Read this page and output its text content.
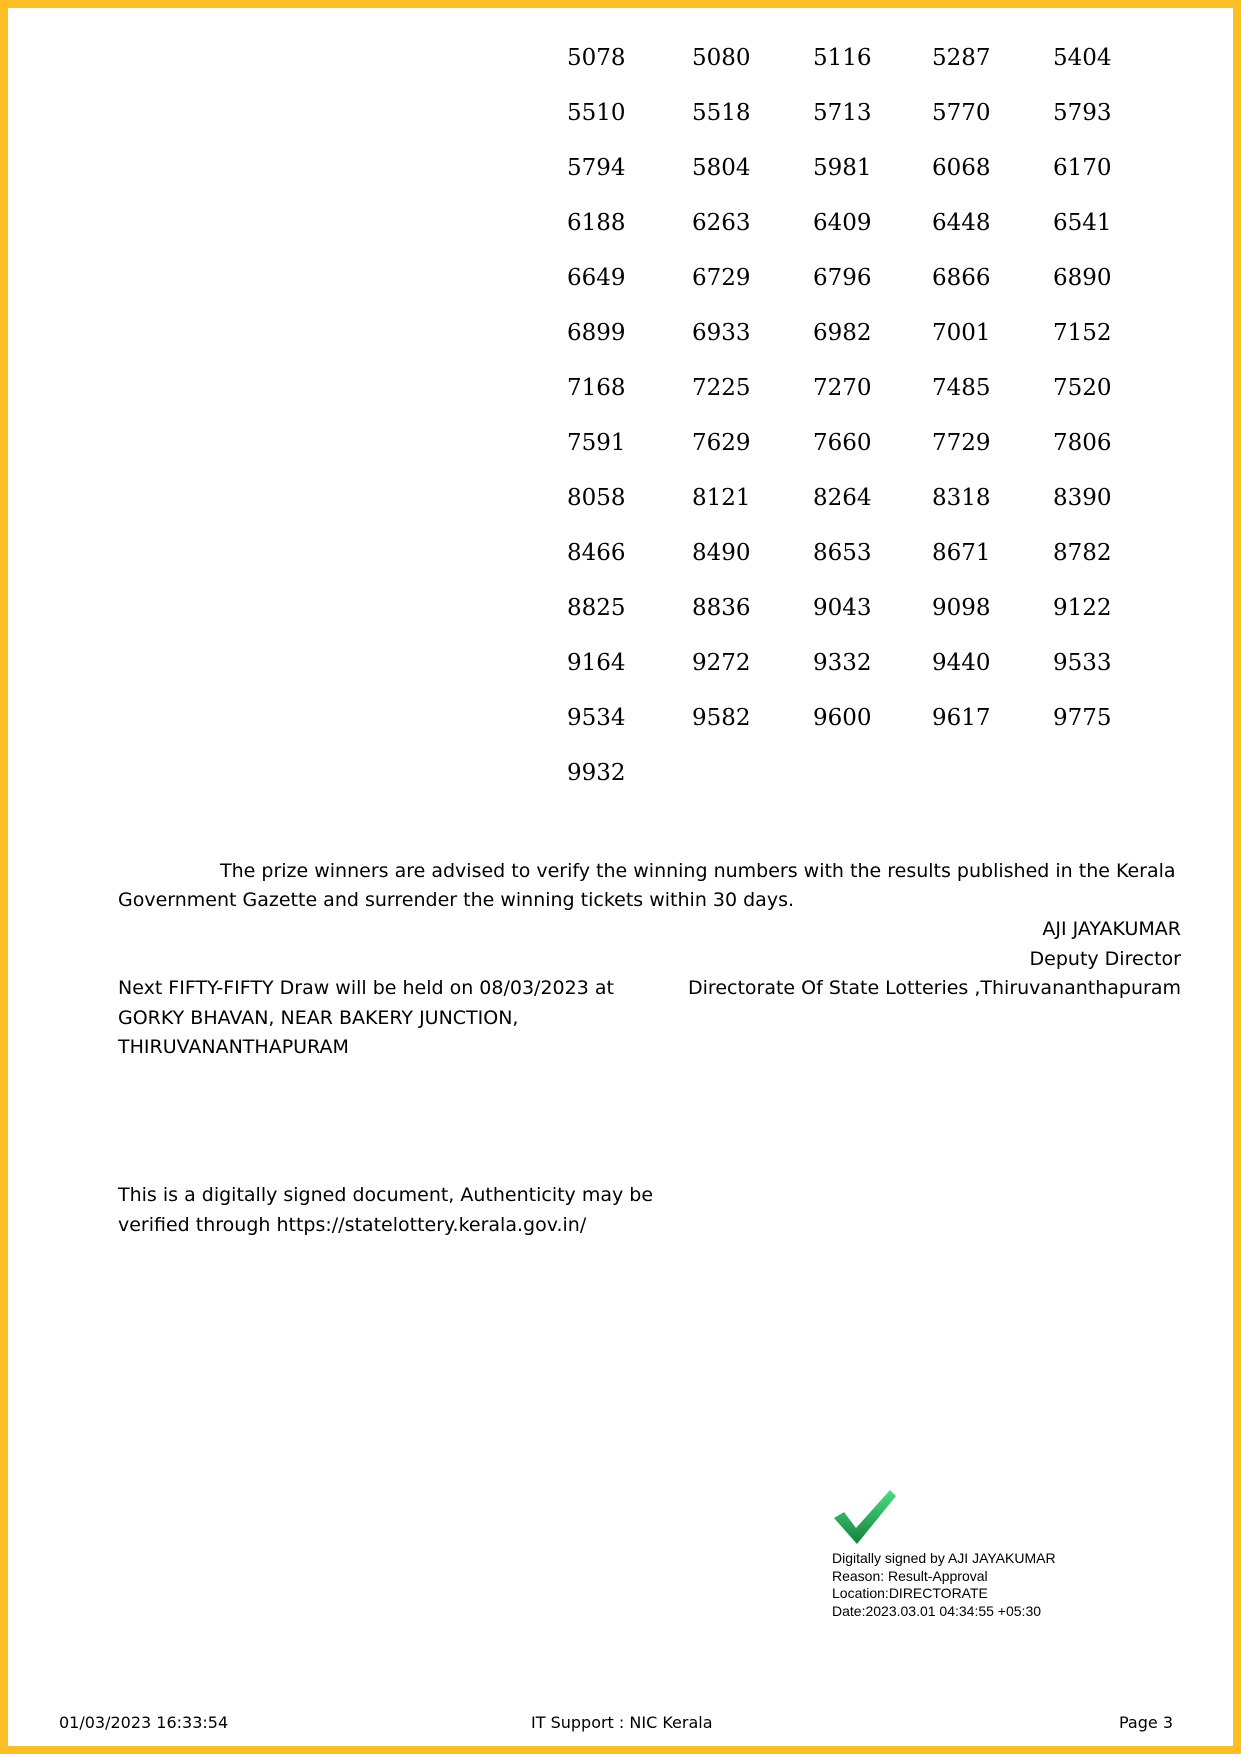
5078	5080	5116	5287	5404
5510	5518	5713	5770	5793
5794	5804	5981	6068	6170
6188	6263	6409	6448	6541
6649	6729	6796	6866	6890
6899	6933	6982	7001	7152
7168	7225	7270	7485	7520
7591	7629	7660	7729	7806
8058	8121	8264	8318	8390
8466	8490	8653	8671	8782
8825	8836	9043	9098	9122
9164	9272	9332	9440	9533
9534	9582	9600	9617	9775
9932
The prize winners are advised to verify the winning numbers with the results published in the Kerala
Government Gazette and surrender the winning tickets within 30 days.
AJI JAYAKUMAR
Deputy Director
Directorate Of State Lotteries ,Thiruvananthapuram
Next FIFTY-FIFTY Draw will be held on 08/03/2023 at
GORKY BHAVAN, NEAR BAKERY JUNCTION,
THIRUVANANTHAPURAM
This is a digitally signed document, Authenticity may be
verified through https://statelottery.kerala.gov.in/
Digitally signed by AJI JAYAKUMAR
Reason: Result-Approval
Location:DIRECTORATE
Date:2023.03.01 04:34:55 +05:30
01/03/2023 16:33:54	IT Support : NIC Kerala	Page 3
